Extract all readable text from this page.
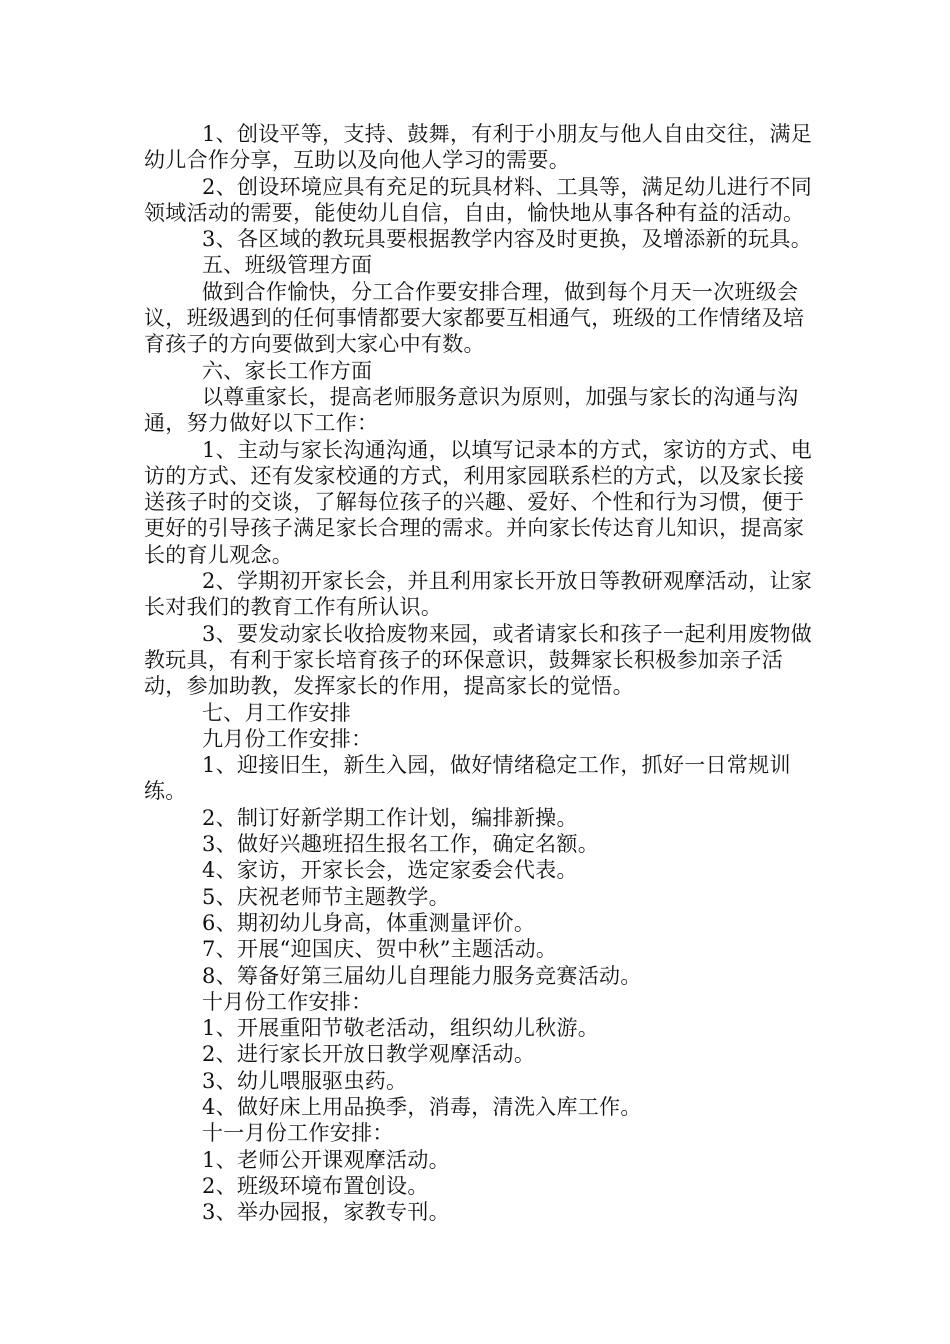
1、创设平等，支持、鼓舞，有利于小朋友与他人自由交往，满足幼儿合作分享，互助以及向他人学习的需要。

2、创设环境应具有充足的玩具材料、工具等，满足幼儿进行不同领域活动的需要，能使幼儿自信，自由，愉快地从事各种有益的活动。

3、各区域的教玩具要根据教学内容及时更换，及增添新的玩具。

五、班级管理方面

做到合作愉快，分工合作要安排合理，做到每个月天一次班级会议，班级遇到的任何事情都要大家都要互相通气，班级的工作情绪及培育孩子的方向要做到大家心中有数。

六、家长工作方面

以尊重家长，提高老师服务意识为原则，加强与家长的沟通与沟通，努力做好以下工作：

1、主动与家长沟通沟通，以填写记录本的方式，家访的方式、电访的方式、还有发家校通的方式，利用家园联系栏的方式，以及家长接送孩子时的交谈，了解每位孩子的兴趣、爱好、个性和行为习惯，便于更好的引导孩子满足家长合理的需求。并向家长传达育儿知识，提高家长的育儿观念。

2、学期初开家长会，并且利用家长开放日等教研观摩活动，让家长对我们的教育工作有所认识。

3、要发动家长收拾废物来园，或者请家长和孩子一起利用废物做教玩具，有利于家长培育孩子的环保意识，鼓舞家长积极参加亲子活动，参加助教，发挥家长的作用，提高家长的觉悟。

七、月工作安排

九月份工作安排：

1、迎接旧生，新生入园，做好情绪稳定工作，抓好一日常规训练。

2、制订好新学期工作计划，编排新操。

3、做好兴趣班招生报名工作，确定名额。

4、家访，开家长会，选定家委会代表。

5、庆祝老师节主题教学。

6、期初幼儿身高，体重测量评价。

7、开展“迎国庆、贺中秋”主题活动。

8、筹备好第三届幼儿自理能力服务竞赛活动。

十月份工作安排：

1、开展重阳节敬老活动，组织幼儿秋游。

2、进行家长开放日教学观摩活动。

3、幼儿喂服驱虫药。

4、做好床上用品换季，消毒，清洗入库工作。

十一月份工作安排：

1、老师公开课观摩活动。

2、班级环境布置创设。

3、举办园报，家教专刊。
